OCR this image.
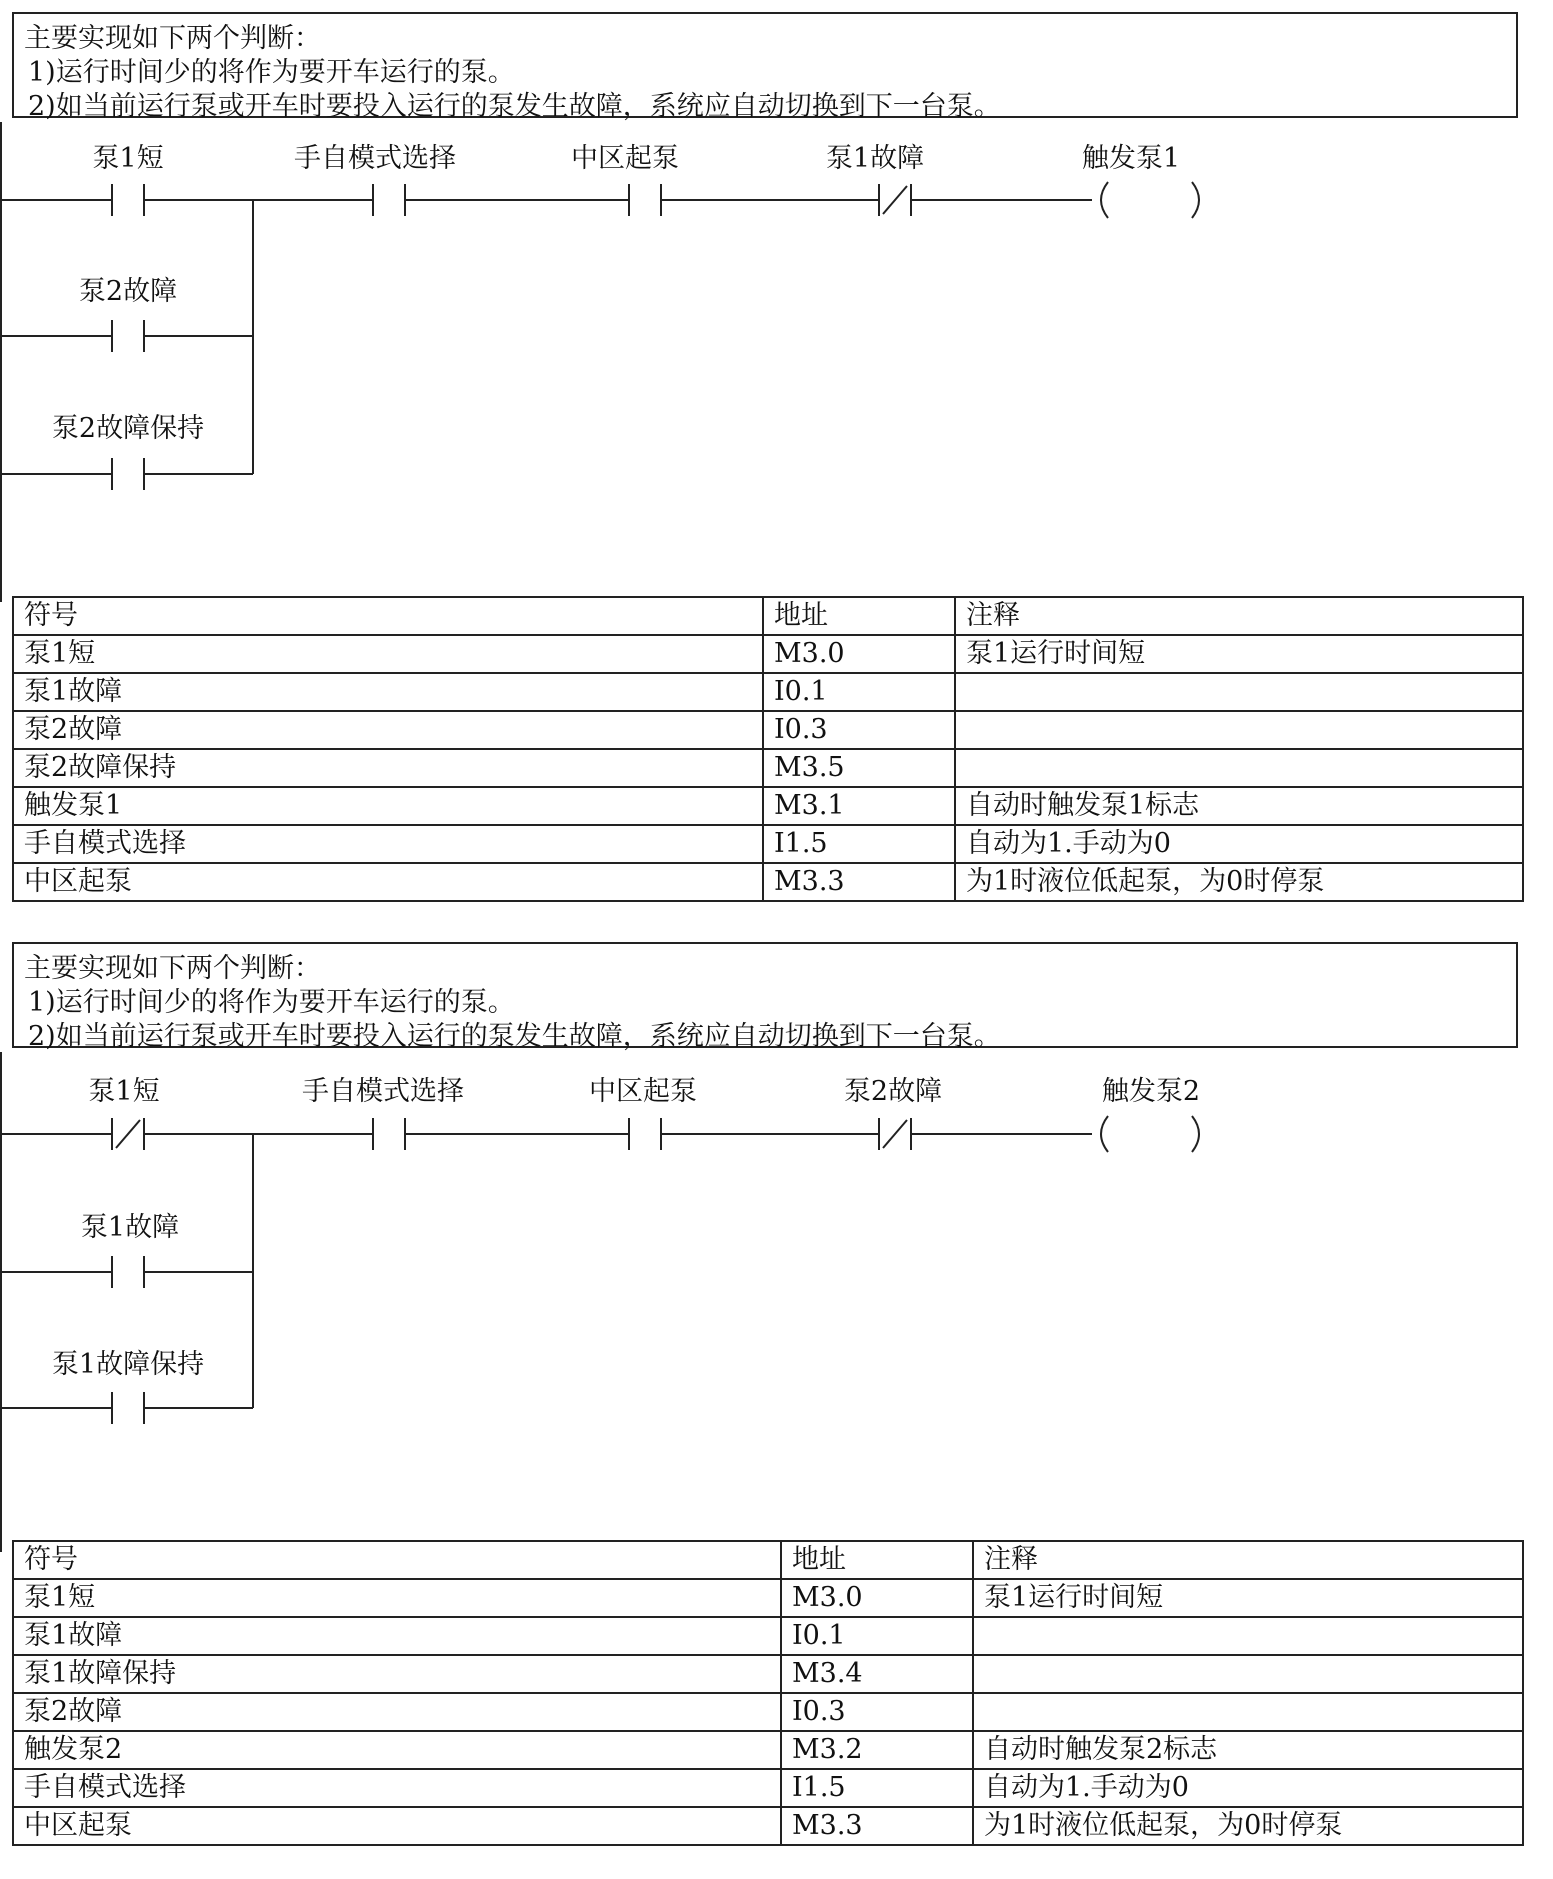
主要实现如下两个判断：
1)运行时间少的将作为要开车运行的泵。
2)如当前运行泵或开车时要投入运行的泵发生故障，系统应自动切换到下一台泵。
泵1短
泵2故障
泵2故障保持
手自模式选择	中区起泵	泵1故障	触发泵1
符号	地址	注释
泵1短	M3.0	泵1运行时间短
泵1故障	I0.1	
泵2故障	I0.3	
泵2故障保持	M3.5	
触发泵1	M3.1	自动时触发泵1标志
手自模式选择	I1.5	自动为1.手动为0
中区起泵	M3.3	为1时液位低起泵，为0时停泵
主要实现如下两个判断：
1)运行时间少的将作为要开车运行的泵。
2)如当前运行泵或开车时要投入运行的泵发生故障，系统应自动切换到下一台泵。
泵1短
泵1故障
泵1故障保持
手自模式选择	中区起泵	泵2故障	触发泵2
符号	地址	注释
泵1短	M3.0	泵1运行时间短
泵1故障	I0.1	
泵1故障保持	M3.4	
泵2故障	I0.3	
触发泵2	M3.2	自动时触发泵2标志
手自模式选择	I1.5	自动为1.手动为0
中区起泵	M3.3	为1时液位低起泵，为0时停泵
